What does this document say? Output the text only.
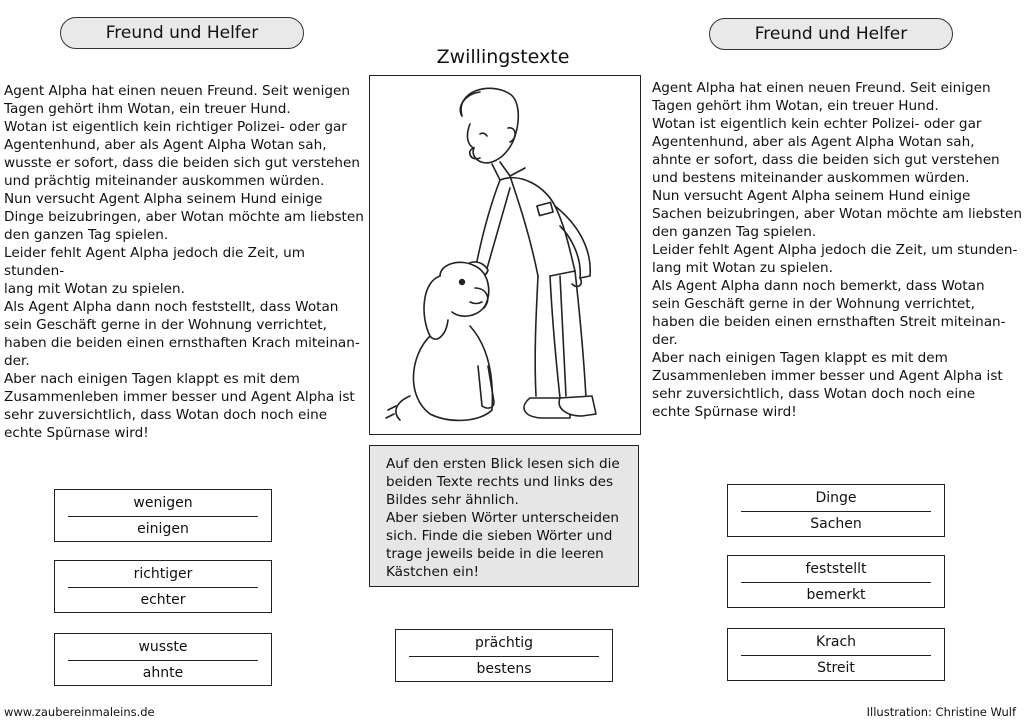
Freund und Helfer	Freund und Helfer
Zwillingstexte
Agent Alpha hat einen neuen Freund. Seit wenigen
Tagen gehört ihm Wotan, ein treuer Hund.
Wotan ist eigentlich kein richtiger Polizei- oder gar
Agentenhund, aber als Agent Alpha Wotan sah,
wusste er sofort, dass die beiden sich gut verstehen
und prächtig miteinander auskommen würden.
Nun versucht Agent Alpha seinem Hund einige
Dinge beizubringen, aber Wotan möchte am liebsten
den ganzen Tag spielen.
Leider fehlt Agent Alpha jedoch die Zeit, um stunden-
lang mit Wotan zu spielen.
Als Agent Alpha dann noch feststellt, dass Wotan
sein Geschäft gerne in der Wohnung verrichtet,
haben die beiden einen ernsthaften Krach miteinan-
der.
Aber nach einigen Tagen klappt es mit dem
Zusammenleben immer besser und Agent Alpha ist
sehr zuversichtlich, dass Wotan doch noch eine
echte Spürnase wird!
Agent Alpha hat einen neuen Freund. Seit einigen
Tagen gehört ihm Wotan, ein treuer Hund.
Wotan ist eigentlich kein echter Polizei- oder gar
Agentenhund, aber als Agent Alpha Wotan sah,
ahnte er sofort, dass die beiden sich gut verstehen
und bestens miteinander auskommen würden.
Nun versucht Agent Alpha seinem Hund einige
Sachen beizubringen, aber Wotan möchte am liebsten
den ganzen Tag spielen.
Leider fehlt Agent Alpha jedoch die Zeit, um stunden-
lang mit Wotan zu spielen.
Als Agent Alpha dann noch bemerkt, dass Wotan
sein Geschäft gerne in der Wohnung verrichtet,
haben die beiden einen ernsthaften Streit miteinan-
der.
Aber nach einigen Tagen klappt es mit dem
Zusammenleben immer besser und Agent Alpha ist
sehr zuversichtlich, dass Wotan doch noch eine
echte Spürnase wird!
Auf den ersten Blick lesen sich die
beiden Texte rechts und links des
Bildes sehr ähnlich.
Aber sieben Wörter unterscheiden
sich. Finde die sieben Wörter und
trage jeweils beide in die leeren
Kästchen ein!
wenigen
einigen
richtiger
echter
wusste
ahnte
prächtig
bestens
Dinge
Sachen
feststellt
bemerkt
Krach
Streit
www.zaubereinmaleins.de	Illustration: Christine Wulf
